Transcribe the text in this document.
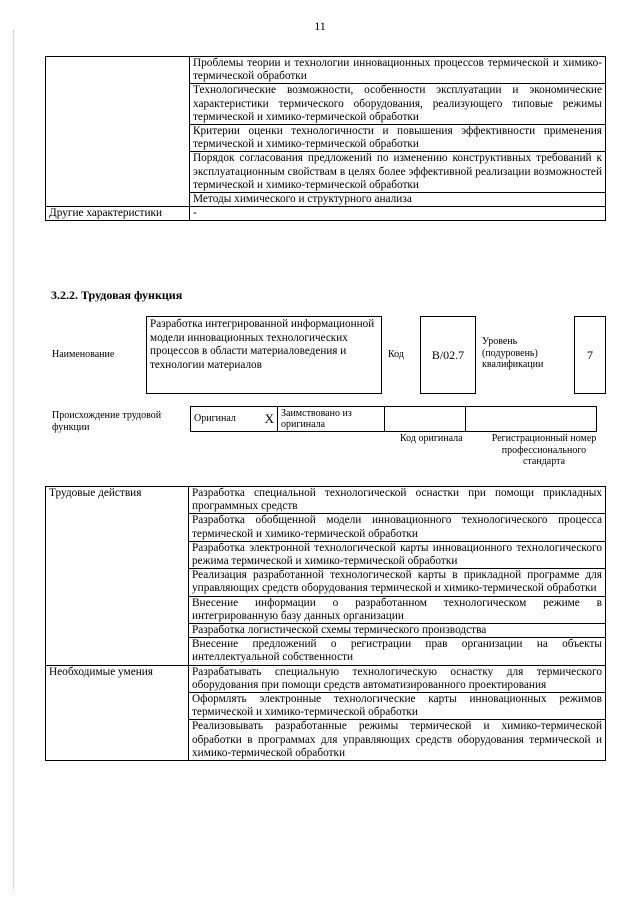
11
	Проблемы теории и технологии инновационных процессов термической и химико-термической обработки
	Технологические возможности, особенности эксплуатации и экономические характеристики термического оборудования, реализующего типовые режимы термической и химико-термической обработки
	Критерии оценки технологичности и повышения эффективности применения термической и химико-термической обработки
	Порядок согласования предложений по изменению конструктивных требований к эксплуатационным свойствам в целях более эффективной реализации возможностей термической и химико-термической обработки
	Методы химического и структурного анализа
Другие характеристики	-
3.2.2. Трудовая функция
Наименование
Разработка интегрированной информационной модели инновационных технологических процессов в области материаловедения и технологии материалов
Код	B/02.7
Уровень (подуровень) квалификации
7
Происхождение трудовой функции
Оригинал	X	Заимствовано из оригинала		
Код оригинала	Регистрационный номер профессионального стандарта
Трудовые действия	Разработка специальной технологической оснастки при помощи прикладных программных средств
	Разработка обобщенной модели инновационного технологического процесса термической и химико-термической обработки
	Разработка электронной технологической карты инновационного технологического режима термической и химико-термической обработки
	Реализация разработанной технологической карты в прикладной программе для управляющих средств оборудования термической и химико-термической обработки
	Внесение информации о разработанном технологическом режиме в интегрированную базу данных организации
	Разработка логистической схемы термического производства
	Внесение предложений о регистрации прав организации на объекты интеллектуальной собственности
Необходимые умения	Разрабатывать специальную технологическую оснастку для термического оборудования при помощи средств автоматизированного проектирования
	Оформлять электронные технологические карты инновационных режимов термической и химико-термической обработки
	Реализовывать разработанные режимы термической и химико-термической обработки в программах для управляющих средств оборудования термической и химико-термической обработки
